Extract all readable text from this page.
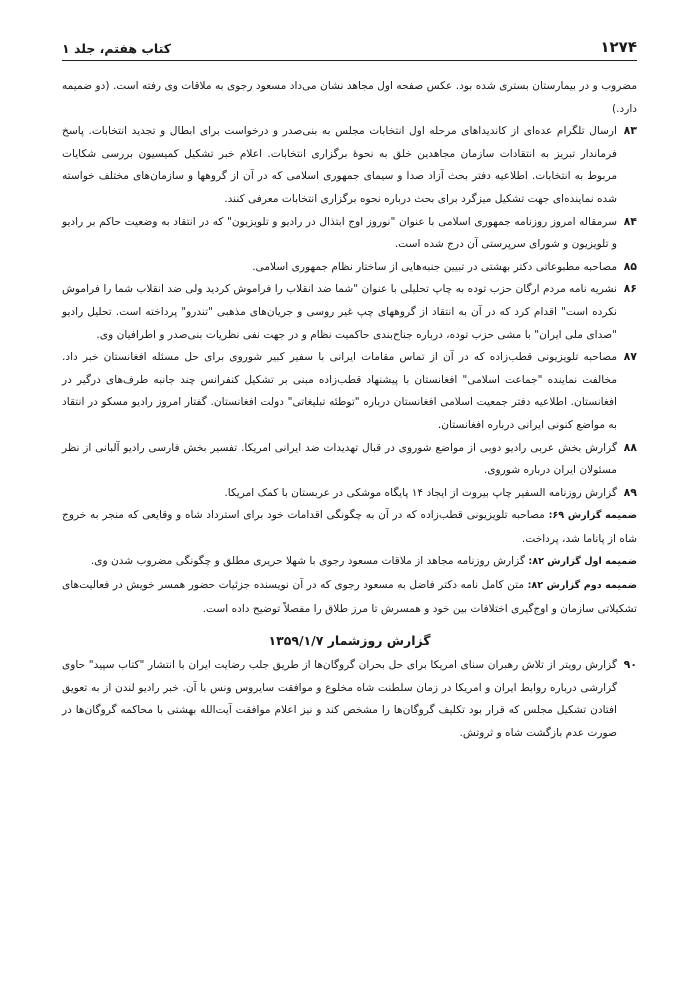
۱۲۷۴
کتاب هفتم، جلد ۱
مضروب و در بیمارستان بستری شده بود. عکس صفحه اول مجاهد نشان می‌داد مسعود رجوی به ملاقات وی رفته است. (دو ضمیمه دارد.)
۸۳
ارسال تلگرام عده‌ای از کاندیداهای مرحله اول انتخابات مجلس به بنی‌صدر و درخواست برای ابطال و تجدید انتخابات. پاسخ فرماندار تبریز به انتقادات سازمان مجاهدین خلق به نحوهٔ برگزاری انتخابات. اعلام خبر تشکیل کمیسیون بررسی شکایات مربوط به انتخابات. اطلاعیه دفتر بحث آزاد صدا و سیمای جمهوری اسلامی که در آن از گروهها و سازمان‌های مختلف خواسته شده نماینده‌ای جهت تشکیل میزگرد برای بحث درباره نحوه برگزاری انتخابات معرفی کنند.
۸۴
سرمقاله امروز روزنامه جمهوری اسلامی با عنوان "نوروز اوج ابتذال در رادیو و تلویزیون" که در انتقاد به وضعیت حاکم بر رادیو و تلویزیون و شورای سرپرستی آن درج شده است.
۸۵
مصاحبه مطبوعاتی دکتر بهشتی در تبیین جنبه‌هایی از ساختار نظام جمهوری اسلامی.
۸۶
نشریه نامه مردم ارگان حزب توده به چاپ تحلیلی با عنوان "شما ضد انقلاب را فراموش کردید ولی ضد انقلاب شما را فراموش نکرده است" اقدام کرد که در آن به انتقاد از گروههای چپ غیر روسی و جریان‌های مذهبی "تندرو" پرداخته است. تحلیل رادیو "صدای ملی ایران" با مشی حزب توده، درباره جناح‌بندی حاکمیت نظام و در جهت نفی نظریات بنی‌صدر و اطرافیان وی.
۸۷
مصاحبه تلویزیونی قطب‌زاده که در آن از تماس مقامات ایرانی با سفیر کبیر شوروی برای حل مسئله افغانستان خبر داد. مخالفت نماینده "جماعت اسلامی" افغانستان با پیشنهاد قطب‌زاده مبنی بر تشکیل کنفرانس چند جانبه طرف‌های درگیر در افغانستان. اطلاعیه دفتر جمعیت اسلامی افغانستان درباره "توطئه تبلیغاتی" دولت افغانستان. گفتار امروز رادیو مسکو در انتقاد به مواضع کنونی ایرانی درباره افغانستان.
۸۸
گزارش بخش عربی رادیو دوبی از مواضع شوروی در قبال تهدیدات ضد ایرانی امریکا. تفسیر بخش فارسی رادیو آلبانی از نظر مسئولان ایران درباره شوروی.
۸۹
گزارش روزنامه السفیر چاپ بیروت از ایجاد ۱۴ پایگاه موشکی در عربستان با کمک امریکا.
ضمیمه گزارش ۶۹: مصاحبه تلویزیونی قطب‌زاده که در آن به چگونگی اقدامات خود برای استرداد شاه و وقایعی که منجر به خروج شاه از پاناما شد، پرداخت.
ضمیمه اول گزارش ۸۲: گزارش روزنامه مجاهد از ملاقات مسعود رجوی با شهلا حریری مطلق و چگونگی مضروب شدن وی.
ضمیمه دوم گزارش ۸۲: متن کامل نامه دکتر فاضل به مسعود رجوی که در آن نویسنده جزئیات حضور همسر خویش در فعالیت‌های تشکیلاتی سازمان و اوج‌گیری اختلافات بین خود و همسرش تا مرز طلاق را مفصلاً توضیح داده است.
گزارش روزشمار ۱۳۵۹/۱/۷
۹۰
گزارش رویتر از تلاش رهبران سنای امریکا برای حل بحران گروگان‌ها از طریق جلب رضایت ایران با انتشار "کتاب سپید" حاوی گزارشی درباره روابط ایران و امریکا در زمان سلطنت شاه مخلوع و موافقت سایروس ونس با آن. خبر رادیو لندن از به تعویق افتادن تشکیل مجلس که قرار بود تکلیف گروگان‌ها را مشخص کند و نیز اعلام موافقت آیت‌الله بهشتی با محاکمه گروگان‌ها در صورت عدم بازگشت شاه و ثروتش.
